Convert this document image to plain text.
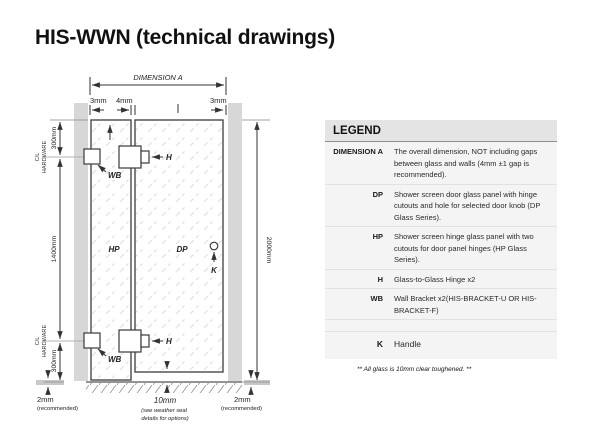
HIS-WWN (technical drawings)
DIMENSION A
3mm 4mm	3mm
300mm
1400mm
300mm
C/L HARDWARE
C/L HARDWARE
2000mm
H
H
WB
WB
HP	DP
K
2mm
(recommended)
10mm
(see weather seal
details for options)
2mm
(recommended)
LEGEND
DIMENSION A The overall dimension, NOT including gaps between glass and walls (4mm ±1 gap is recommended).
DP Shower screen door glass panel with hinge cutouts and hole for selected door knob (DP Glass Series).
HP Shower screen hinge glass panel with two cutouts for door panel hinges (HP Glass Series).
H Glass-to-Glass Hinge x2
WB Wall Bracket x2(HIS-BRACKET-U OR HIS-BRACKET-F)
K Handle
** All glass is 10mm clear toughened. **
